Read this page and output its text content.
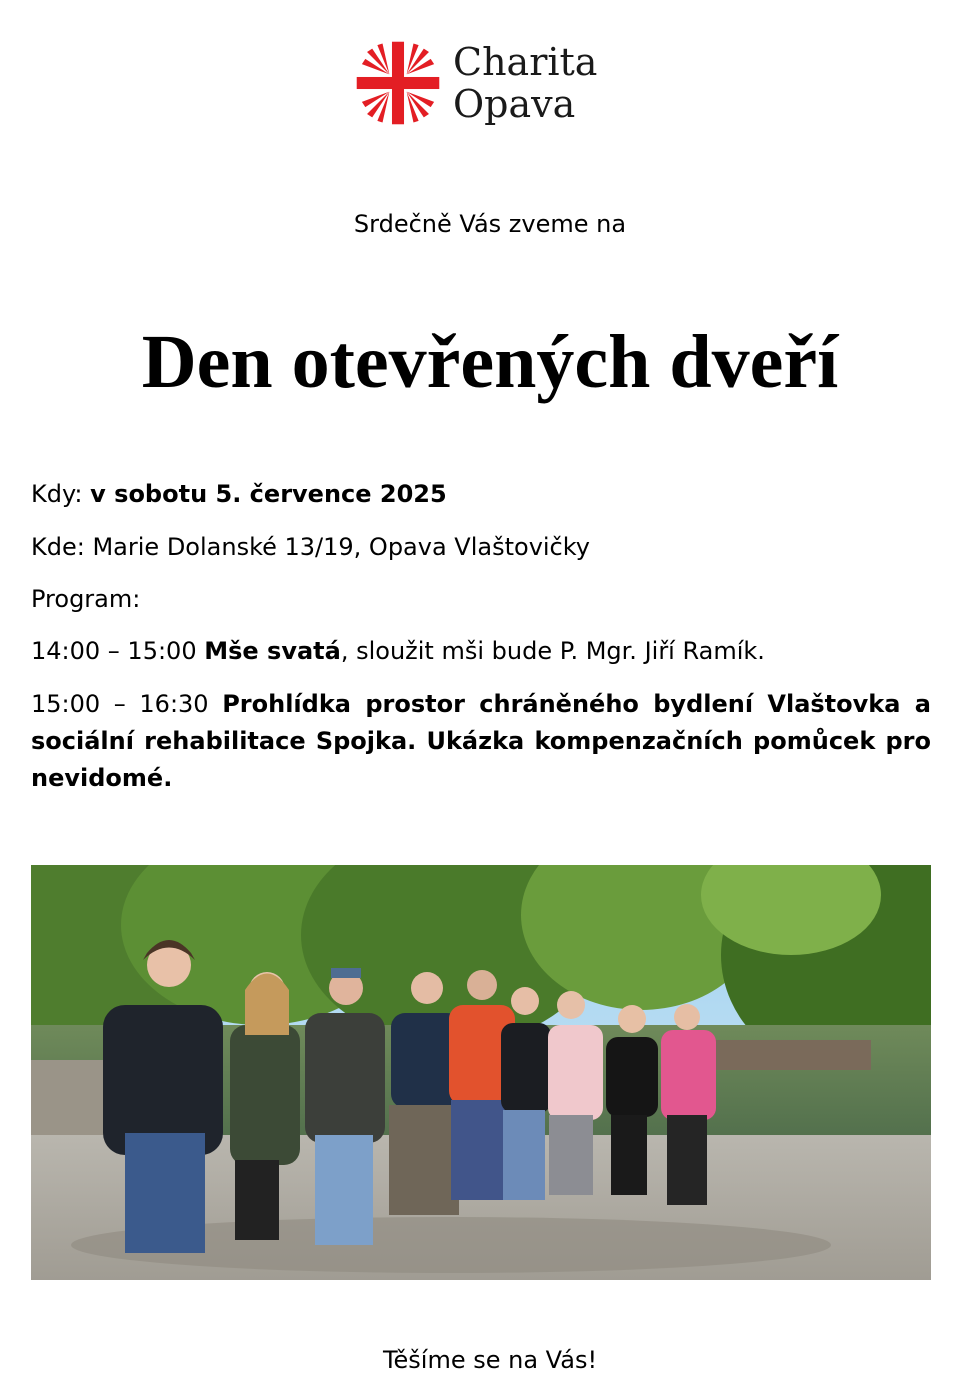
Charita
Opava
Srdečně Vás zveme na
Den otevřených dveří
Kdy: v sobotu 5. července 2025
Kde: Marie Dolanské 13/19, Opava Vlaštovičky
Program:
14:00 – 15:00 Mše svatá, sloužit mši bude P. Mgr. Jiří Ramík.

15:00 – 16:30 Prohlídka prostor chráněného bydlení Vlaštovka a sociální rehabilitace Spojka. Ukázka kompenzačních pomůcek pro nevidomé.

Těšíme se na Vás!
